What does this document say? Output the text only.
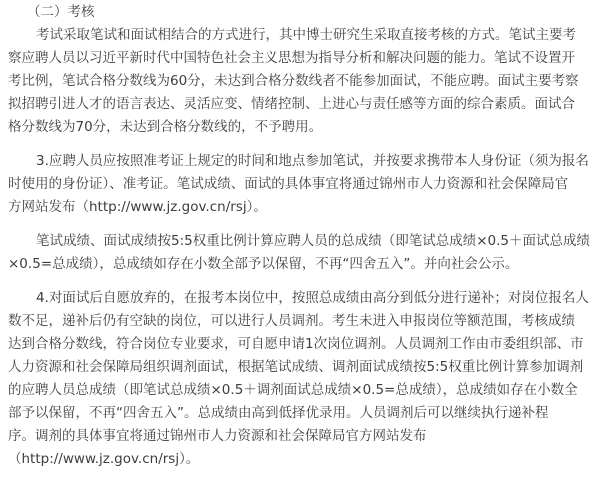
（二）考核
考试采取笔试和面试相结合的方式进行，其中博士研究生采取直接考核的方式。笔试主要考
察应聘人员以习近平新时代中国特色社会主义思想为指导分析和解决问题的能力。笔试不设置开
考比例，笔试合格分数线为60分，未达到合格分数线者不能参加面试，不能应聘。面试主要考察
拟招聘引进人才的语言表达、灵活应变、情绪控制、上进心与责任感等方面的综合素质。面试合
格分数线为70分，未达到合格分数线的，不予聘用。
3.应聘人员应按照准考证上规定的时间和地点参加笔试，并按要求携带本人身份证（须为报名
时使用的身份证）、准考证。笔试成绩、面试的具体事宜将通过锦州市人力资源和社会保障局官
方网站发布（http://www.jz.gov.cn/rsj）。
笔试成绩、面试成绩按5:5权重比例计算应聘人员的总成绩（即笔试总成绩×0.5＋面试总成绩
×0.5=总成绩），总成绩如存在小数全部予以保留，不再“四舍五入”。并向社会公示。
4.对面试后自愿放弃的，在报考本岗位中，按照总成绩由高分到低分进行递补；对岗位报名人
数不足，递补后仍有空缺的岗位，可以进行人员调剂。考生未进入申报岗位等额范围，考核成绩
达到合格分数线，符合岗位专业要求，可自愿申请1次岗位调剂。人员调剂工作由市委组织部、市
人力资源和社会保障局组织调剂面试，根据笔试成绩、调剂面试成绩按5:5权重比例计算参加调剂
的应聘人员总成绩（即笔试总成绩×0.5＋调剂面试总成绩×0.5=总成绩），总成绩如存在小数全
部予以保留，不再“四舍五入”。总成绩由高到低择优录用。人员调剂后可以继续执行递补程
序。调剂的具体事宜将通过锦州市人力资源和社会保障局官方网站发布
（http://www.jz.gov.cn/rsj）。
